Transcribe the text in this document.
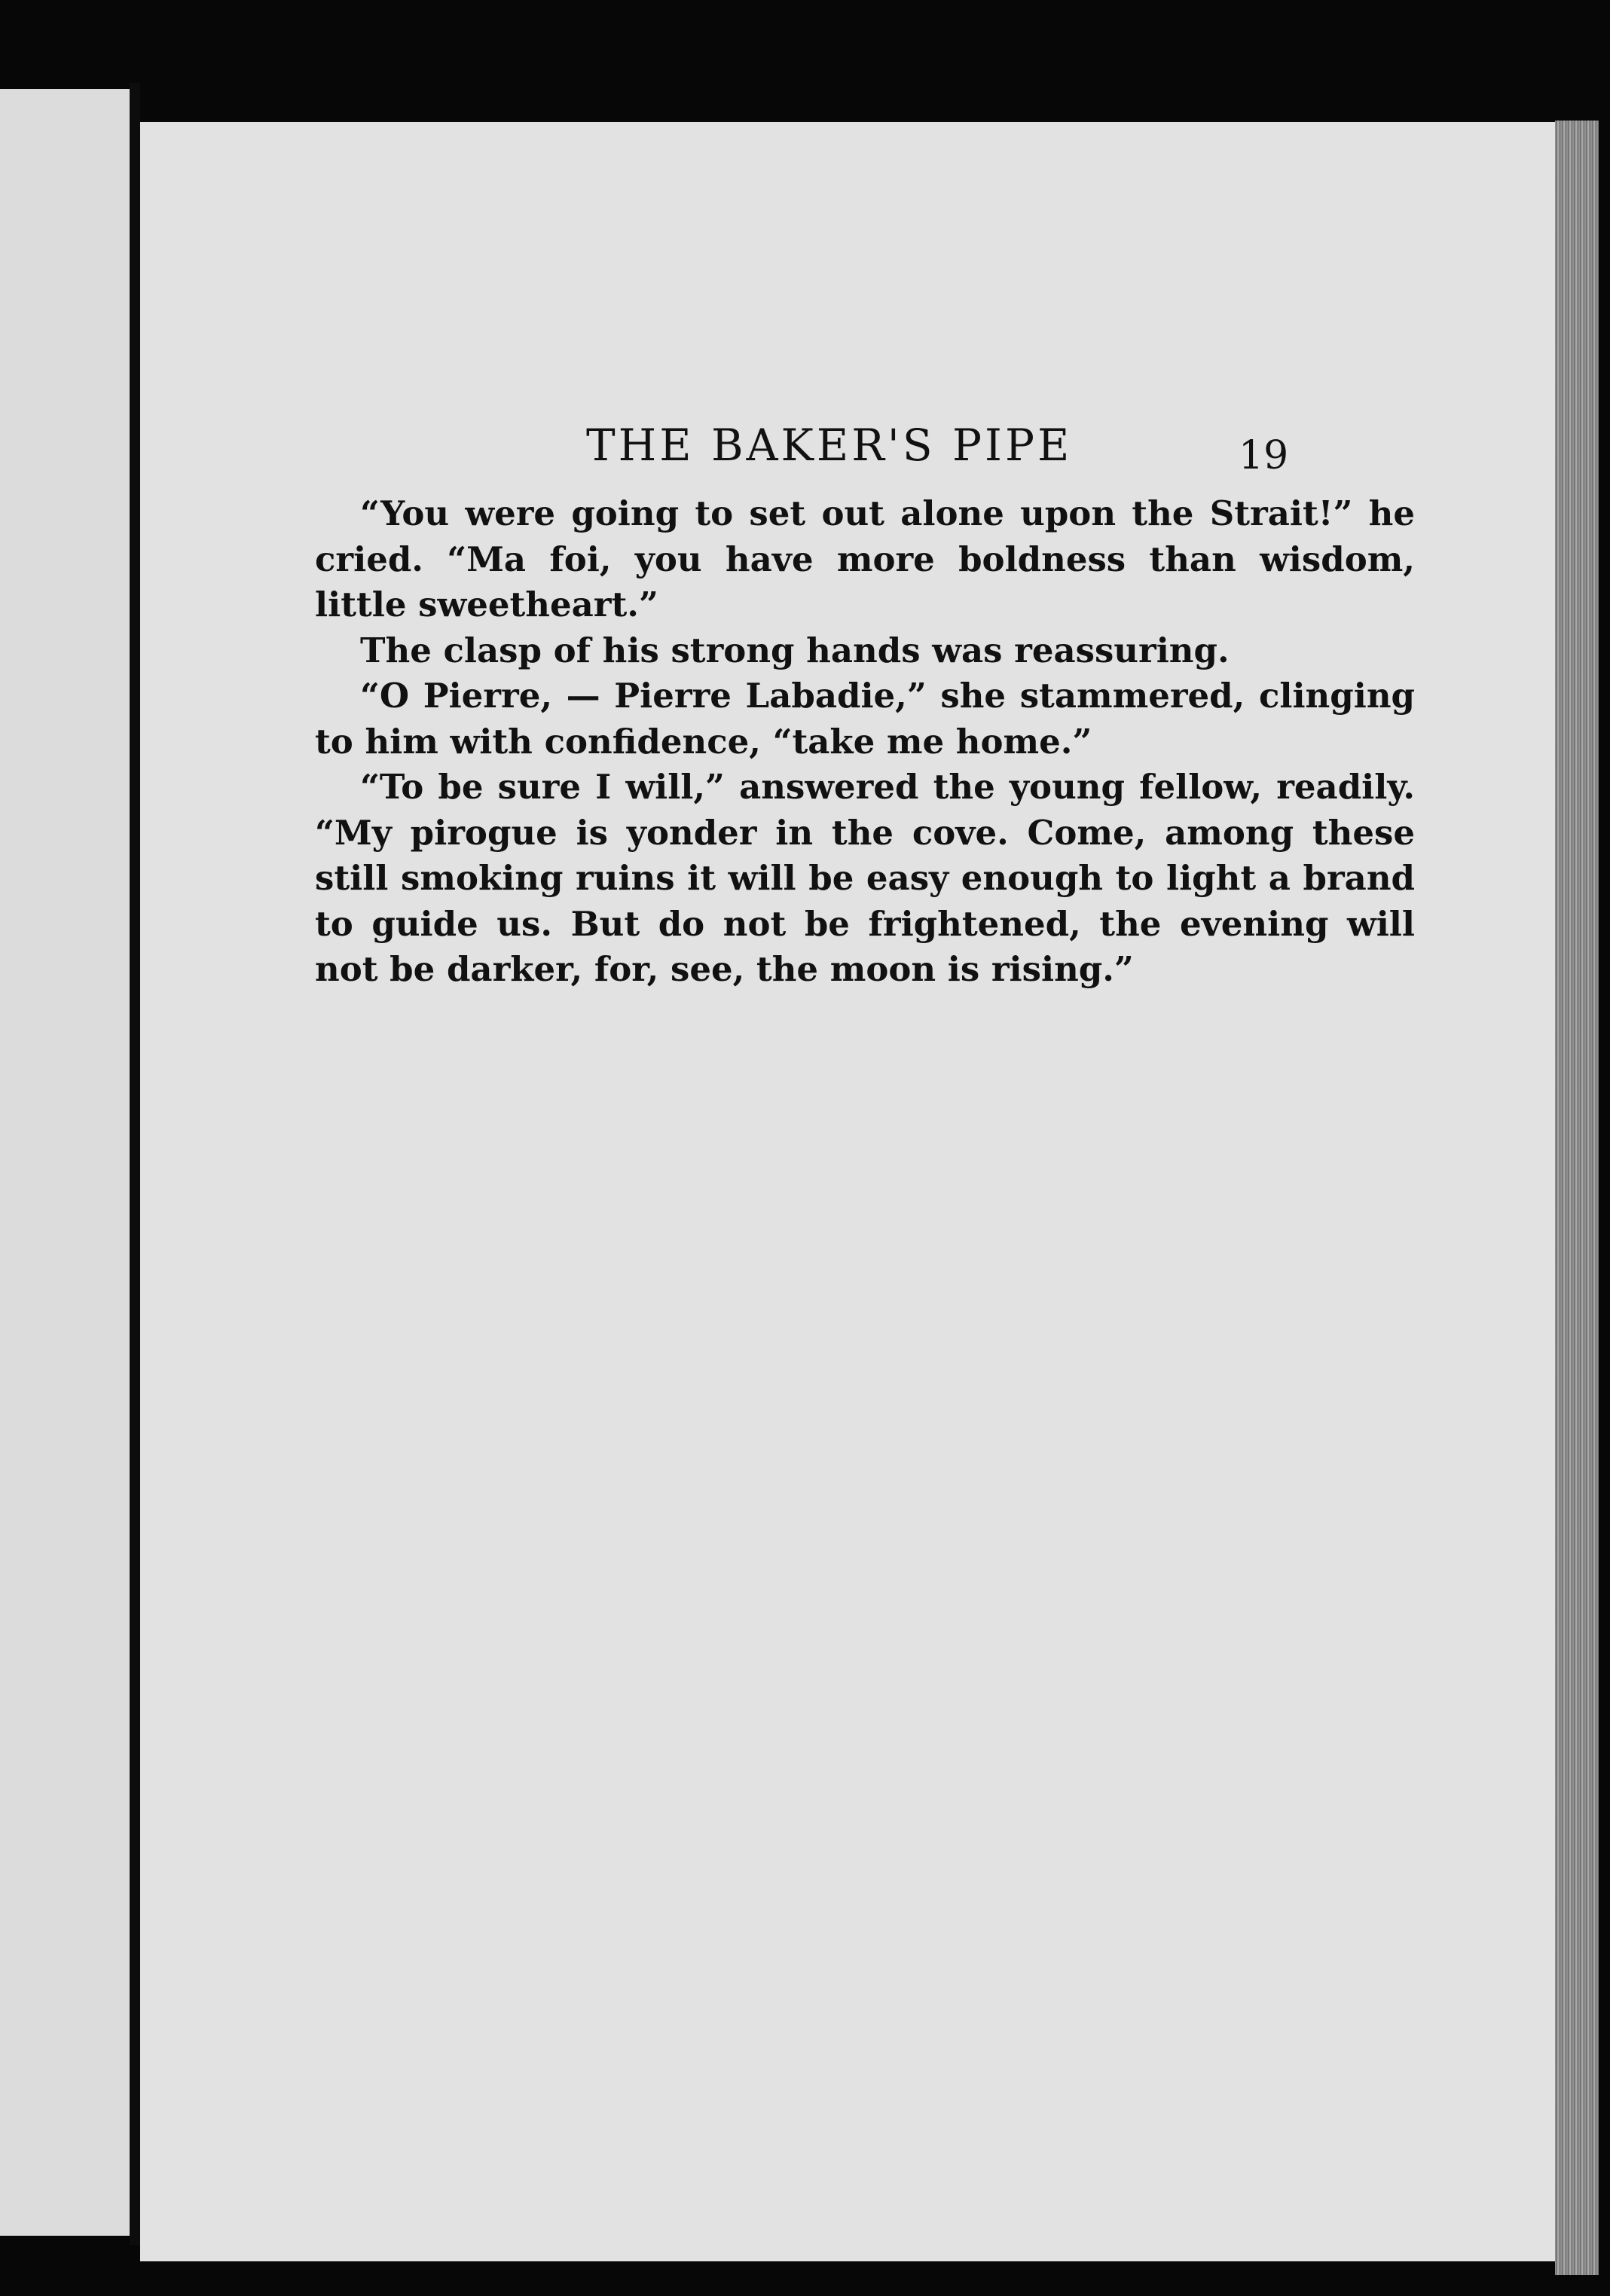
THE BAKER'S PIPE	19

“You were going to set out alone upon the Strait!” he cried. “Ma foi, you have more boldness than wisdom, little sweetheart.”

The clasp of his strong hands was reassuring.

“O Pierre, — Pierre Labadie,” she stammered, clinging to him with confidence, “take me home.”

“To be sure I will,” answered the young fellow, readily. “My pirogue is yonder in the cove. Come, among these still smoking ruins it will be easy enough to light a brand to guide us. But do not be frightened, the evening will not be darker, for, see, the moon is rising.”
